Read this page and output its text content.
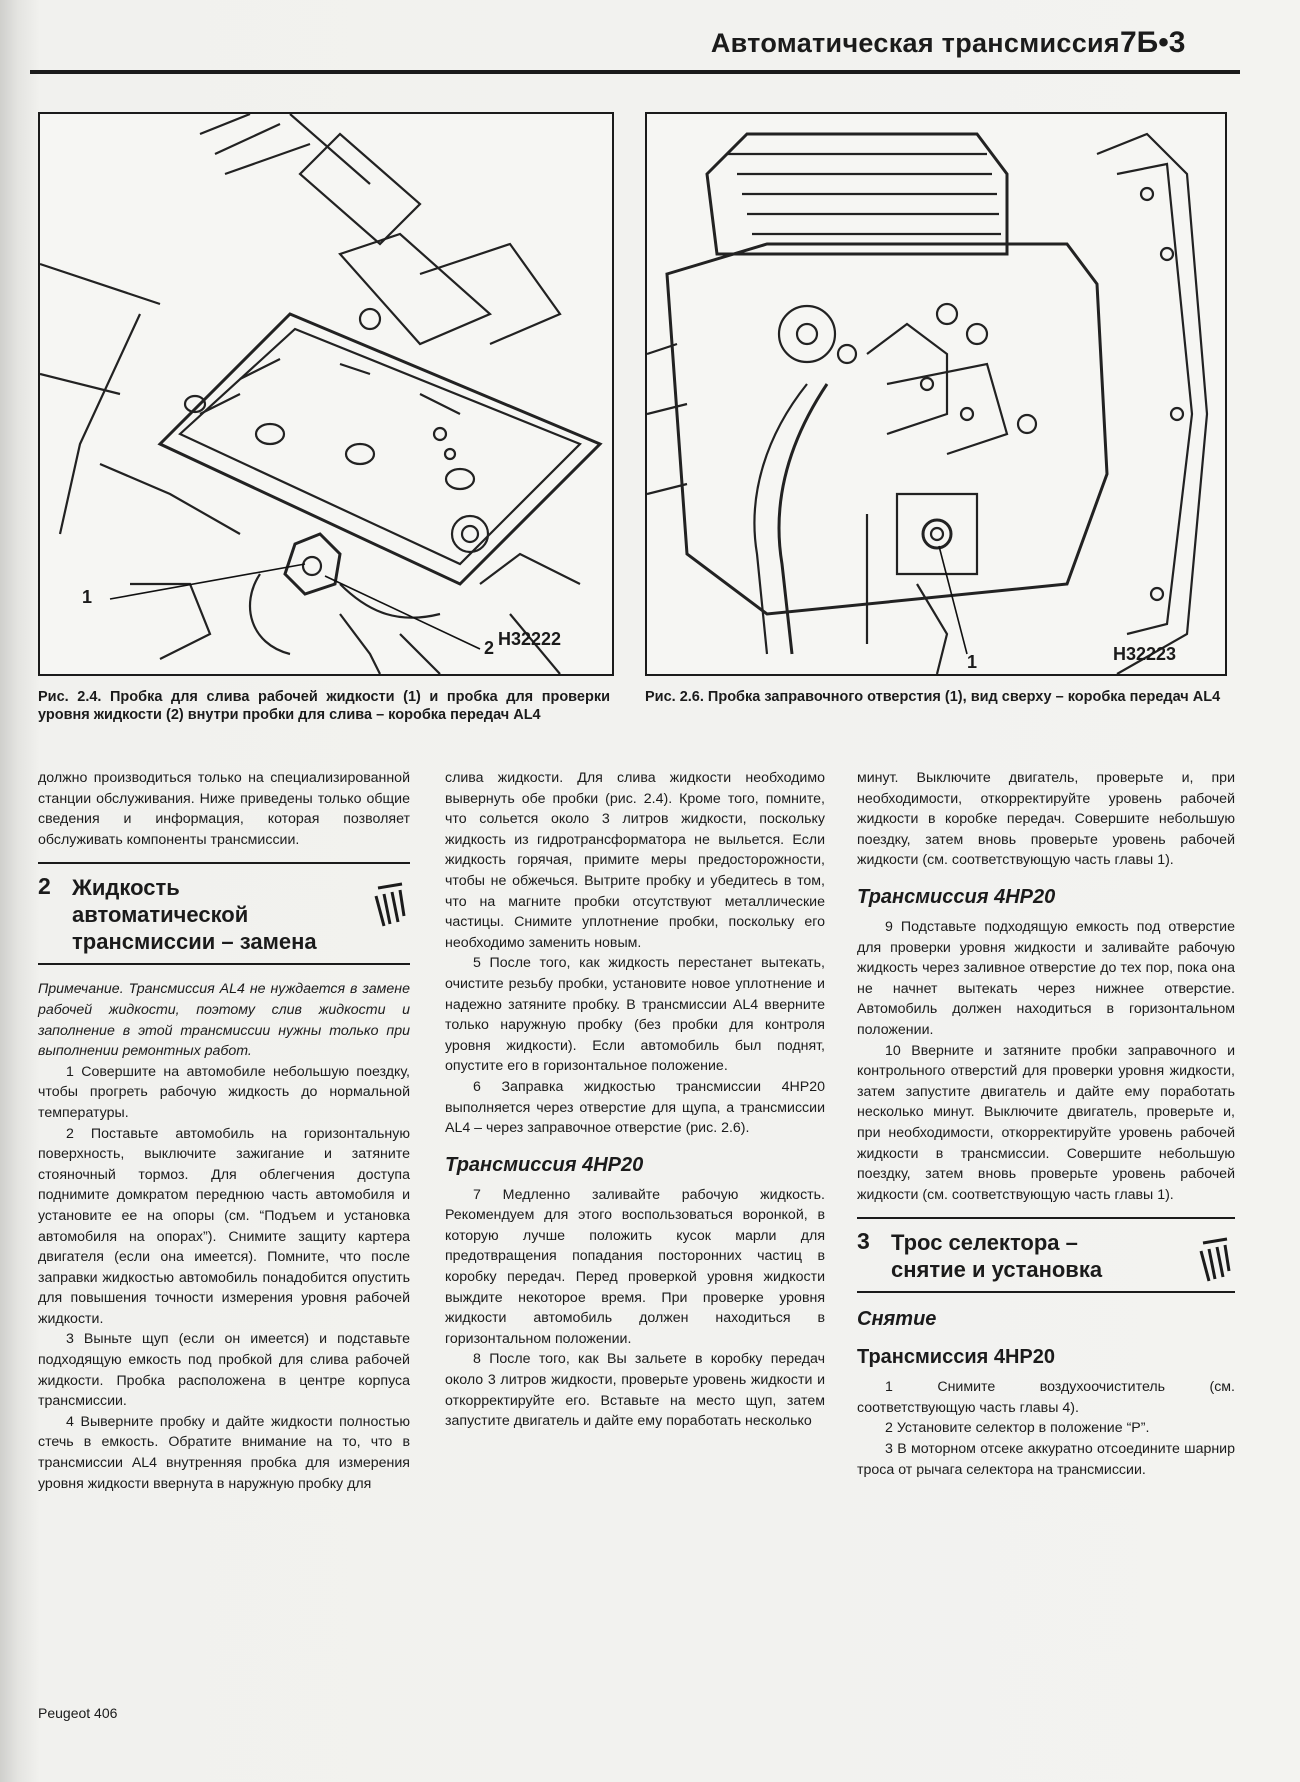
Автоматическая трансмиссия 7Б•3
1
2 H32222
Рис. 2.4. Пробка для слива рабочей жидкости (1) и пробка для проверки уровня жидкости (2) внутри пробки для слива – коробка передач AL4
1	H32223
Рис. 2.6. Пробка заправочного отверстия (1), вид сверху – коробка передач AL4

должно производиться только на специализированной станции обслуживания. Ниже приведены только общие сведения и информация, которая позволяет обслуживать компоненты трансмиссии.

2 Жидкость
автоматической
трансмиссии – замена

Примечание. Трансмиссия AL4 не нуждается в замене рабочей жидкости, поэтому слив жидкости и заполнение в этой трансмиссии нужны только при выполнении ремонтных работ.

1 Совершите на автомобиле небольшую поездку, чтобы прогреть рабочую жидкость до нормальной температуры.

2 Поставьте автомобиль на горизонтальную поверхность, выключите зажигание и затяните стояночный тормоз. Для облегчения доступа поднимите домкратом переднюю часть автомобиля и установите ее на опоры (см. “Подъем и установка автомобиля на опорах”). Снимите защиту картера двигателя (если она имеется). Помните, что после заправки жидкостью автомобиль понадобится опустить для повышения точности измерения уровня рабочей жидкости.

3 Выньте щуп (если он имеется) и подставьте подходящую емкость под пробкой для слива рабочей жидкости. Пробка расположена в центре корпуса трансмиссии.

4 Выверните пробку и дайте жидкости полностью стечь в емкость. Обратите внимание на то, что в трансмиссии AL4 внутренняя пробка для измерения уровня жидкости ввернута в наружную пробку для

слива жидкости. Для слива жидкости необходимо вывернуть обе пробки (рис. 2.4). Кроме того, помните, что сольется около 3 литров жидкости, поскольку жидкость из гидротрансформатора не выльется. Если жидкость горячая, примите меры предосторожности, чтобы не обжечься. Вытрите пробку и убедитесь в том, что на магните пробки отсутствуют металлические частицы. Снимите уплотнение пробки, поскольку его необходимо заменить новым.

5 После того, как жидкость перестанет вытекать, очистите резьбу пробки, установите новое уплотнение и надежно затяните пробку. В трансмиссии AL4 вверните только наружную пробку (без пробки для контроля уровня жидкости). Если автомобиль был поднят, опустите его в горизонтальное положение.

6 Заправка жидкостью трансмиссии 4HP20 выполняется через отверстие для щупа, а трансмиссии AL4 – через заправочное отверстие (рис. 2.6).

Трансмиссия 4HP20

7 Медленно заливайте рабочую жидкость. Рекомендуем для этого воспользоваться воронкой, в которую лучше положить кусок марли для предотвращения попадания посторонних частиц в коробку передач. Перед проверкой уровня жидкости выждите некоторое время. При проверке уровня жидкости автомобиль должен находиться в горизонтальном положении.

8 После того, как Вы зальете в коробку передач около 3 литров жидкости, проверьте уровень жидкости и откорректируйте его. Вставьте на место щуп, затем запустите двигатель и дайте ему поработать несколько

минут. Выключите двигатель, проверьте и, при необходимости, откорректируйте уровень рабочей жидкости в коробке передач. Совершите небольшую поездку, затем вновь проверьте уровень рабочей жидкости (см. соответствующую часть главы 1).

Трансмиссия 4HP20

9 Подставьте подходящую емкость под отверстие для проверки уровня жидкости и заливайте рабочую жидкость через заливное отверстие до тех пор, пока она не начнет вытекать через нижнее отверстие. Автомобиль должен находиться в горизонтальном положении.

10 Вверните и затяните пробки заправочного и контрольного отверстий для проверки уровня жидкости, затем запустите двигатель и дайте ему поработать несколько минут. Выключите двигатель, проверьте и, при необходимости, откорректируйте уровень рабочей жидкости в трансмиссии. Совершите небольшую поездку, затем вновь проверьте уровень рабочей жидкости (см. соответствующую часть главы 1).

3 Трос селектора –
снятие и установка
Снятие
Трансмиссия 4HP20

1 Снимите воздухоочиститель (см. соответствующую часть главы 4).

2 Установите селектор в положение “P”.

3 В моторном отсеке аккуратно отсоедините шарнир троса от рычага селектора на трансмиссии.

Peugeot 406
